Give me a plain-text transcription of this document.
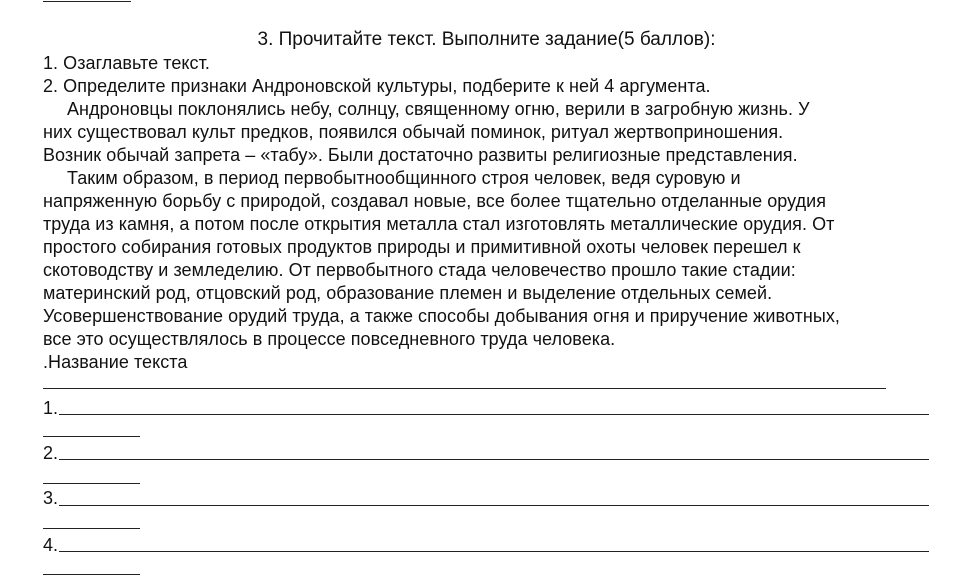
3. Прочитайте текст. Выполните задание(5 баллов):
1. Озаглавьте текст.
2. Определите признаки Андроновской культуры, подберите к ней 4 аргумента.
Андроновцы поклонялись небу, солнцу, священному огню, верили в загробную жизнь. У
них существовал культ предков, появился обычай поминок, ритуал жертвоприношения.
Возник обычай запрета – «табу». Были достаточно развиты религиозные представления.
Таким образом, в период первобытнообщинного строя человек, ведя суровую и
напряженную борьбу с природой, создавал новые, все более тщательно отделанные орудия
труда из камня, а потом после открытия металла стал изготовлять металлические орудия. От
простого собирания готовых продуктов природы и примитивной охоты человек перешел к
скотоводству и земледелию. От первобытного стада человечество прошло такие стадии:
материнский род, отцовский род, образование племен и выделение отдельных семей.
Усовершенствование орудий труда, а также способы добывания огня и приручение животных,
все это осуществлялось в процессе повседневного труда человека.
.Название текста
1.
2.
3.
4.
